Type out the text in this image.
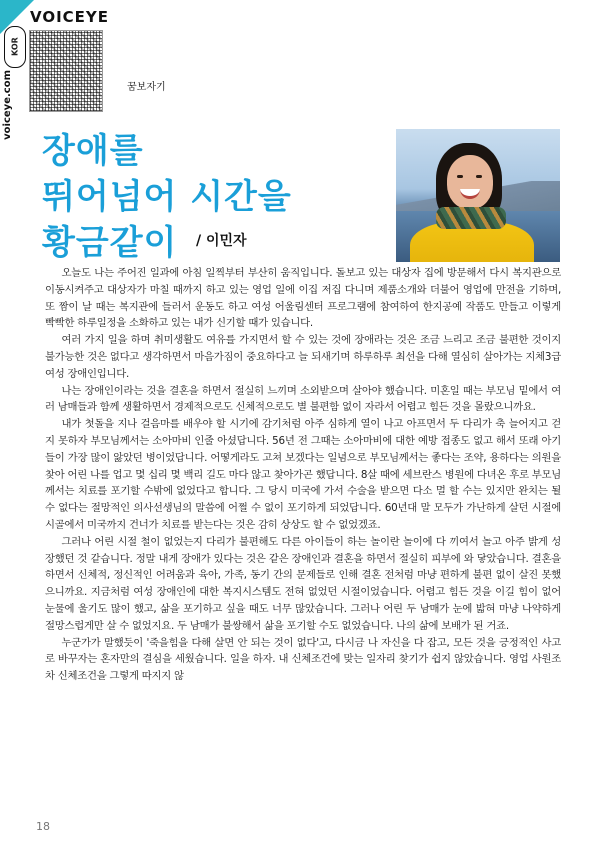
KOR
voiceye.com
VOICEYE
꿈보자기
장애를
뛰어넘어 시간을
황금같이	/ 이민자

오늘도 나는 주어진 일과에 아침 일찍부터 부산히 움직입니다. 돌보고 있는 대상자 집에 방문해서 다시 복지관으로 이동시켜주고 대상자가 마칠 때까지 하고 있는 영업 일에 이집 저집 다니며 제품소개와 더불어 영업에 만전을 기하며, 또 짬이 날 때는 복지관에 들러서 운동도 하고 여성 어울림센터 프로그램에 참여하여 한지공예 작품도 만들고 이렇게 빡빡한 하루일정을 소화하고 있는 내가 신기할 때가 있습니다.

여러 가지 일을 하며 취미생활도 여유를 가지면서 할 수 있는 것에 장애라는 것은 조금 느리고 조금 불편한 것이지 불가능한 것은 없다고 생각하면서 마음가짐이 중요하다고 늘 되새기며 하루하루 최선을 다해 열심히 살아가는 지체3급 여성 장애인입니다.

나는 장애인이라는 것을 결혼을 하면서 절실히 느끼며 소외받으며 살아야 했습니다. 미혼일 때는 부모님 밑에서 여러 남매들과 함께 생활하면서 경제적으로도 신체적으로도 별 불편함 없이 자라서 어렵고 힘든 것을 몰랐으니까요.

내가 첫돌을 지나 걸음마를 배우야 할 시기에 감기처럼 아주 심하게 열이 나고 아프면서 두 다리가 축 늘어지고 걷지 못하자 부모님께서는 소아마비 인줄 아셨답니다. 56년 전 그때는 소아마비에 대한 예방 접종도 없고 해서 또래 아기들이 가장 많이 앓았던 병이었답니다. 어떻게라도 고쳐 보겠다는 일념으로 부모님께서는 좋다는 조약, 용하다는 의원을 찾아 어린 나를 업고 몇 십리 몇 백리 길도 마다 않고 찾아가곤 했답니다. 8살 때에 세브란스 병원에 다녀온 후로 부모님께서는 치료를 포기할 수밖에 없었다고 합니다. 그 당시 미국에 가서 수술을 받으면 다소 멀 할 수는 있지만 완치는 될 수 없다는 절망적인 의사선생님의 말씀에 어쩔 수 없이 포기하게 되었답니다. 60년대 말 모두가 가난하게 살던 시절에 시골에서 미국까지 건너가 치료를 받는다는 것은 감히 상상도 할 수 없었겠죠.

그러나 어린 시절 철이 없었는지 다리가 불편해도 다른 아이들이 하는 놀이란 놀이에 다 끼여서 놀고 아주 밝게 성장했던 것 같습니다. 정말 내게 장애가 있다는 것은 같은 장애인과 결혼을 하면서 절실히 피부에 와 닿았습니다. 결혼을 하면서 신체적, 정신적인 어려움과 육아, 가족, 동기 간의 문제들로 인해 결혼 전처럼 마냥 편하게 불편 없이 살진 못했으니까요. 지금처럼 여성 장애인에 대한 복지시스템도 전혀 없었던 시절이었습니다. 어렵고 힘든 것을 이길 힘이 없어 눈물에 울기도 많이 했고, 삶을 포기하고 싶을 때도 너무 많았습니다. 그러나 어린 두 남매가 눈에 밟혀 마냥 나약하게 절망스럽게만 살 수 없었지요. 두 남매가 불쌍해서 삶을 포기할 수도 없었습니다. 나의 삶에 보배가 된 거죠.

누군가가 말했듯이 '죽을힘을 다해 살면 안 되는 것이 없다'고, 다시금 나 자신을 다 잡고, 모든 것을 긍정적인 사고로 바꾸자는 혼자만의 결심을 세웠습니다. 일을 하자. 내 신체조건에 맞는 일자리 찾기가 쉽지 않았습니다. 영업 사원조차 신체조건을 그렇게 따지지 않

18
